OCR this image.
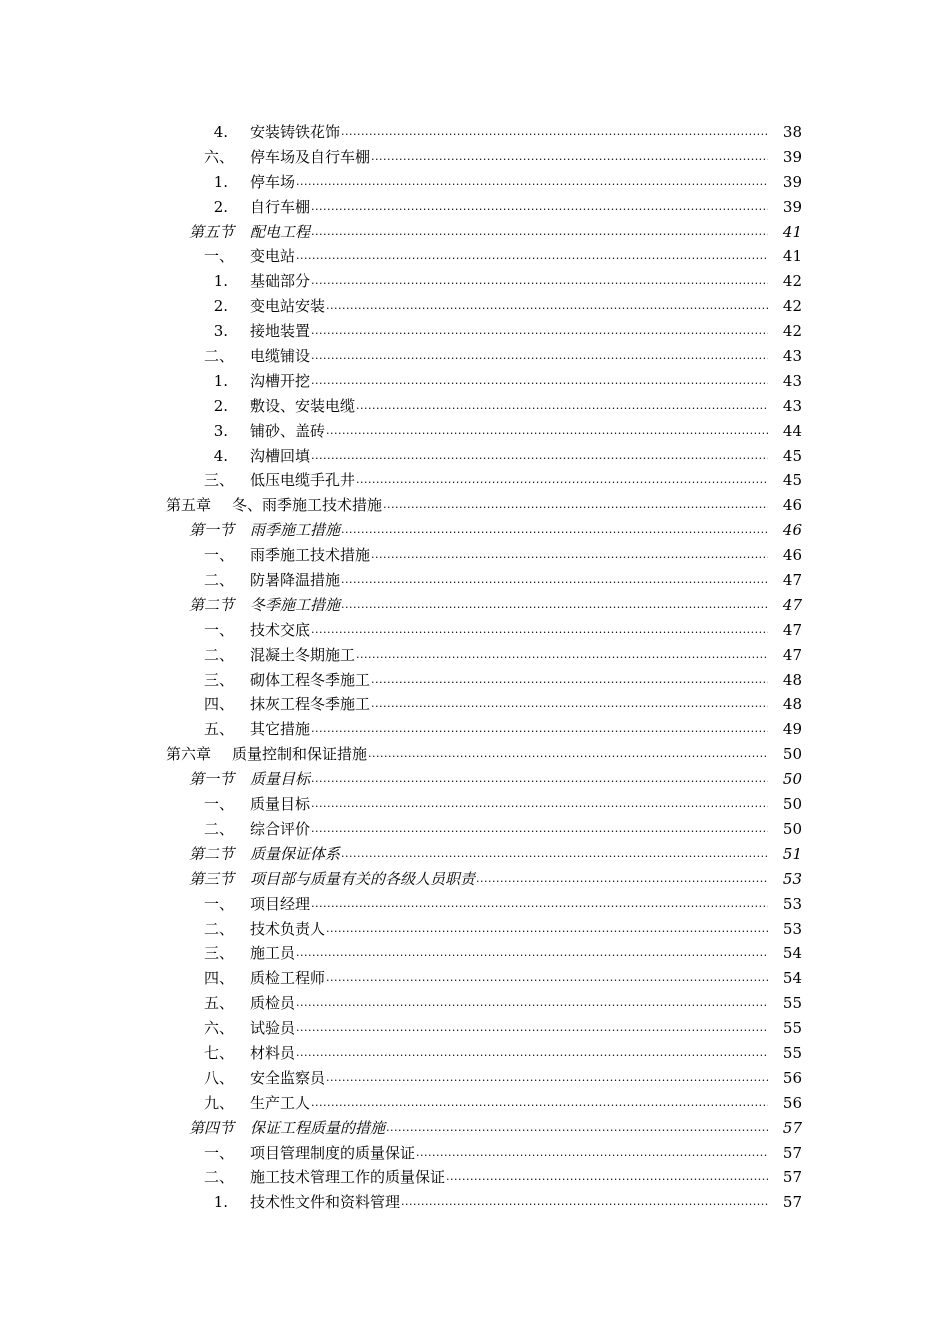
4. 安装铸铁花饰 .....	38
六、 停车场及自行车棚 .....	39
1. 停车场 .....	39
2. 自行车棚 .....	39
第五节 配电工程 .....	41
一、 变电站 .....	41
1. 基础部分 .....	42
2. 变电站安装 .....	42
3. 接地装置 .....	42
二、 电缆铺设 .....	43
1. 沟槽开挖 .....	43
2. 敷设、安装电缆 .....	43
3. 铺砂、盖砖 .....	44
4. 沟槽回填 .....	45
三、 低压电缆手孔井 .....	45
第五章	冬、雨季施工技术措施 .....	46
第一节 雨季施工措施 .....	46
一、 雨季施工技术措施 .....	46
二、 防暑降温措施 .....	47
第二节 冬季施工措施 .....	47
一、 技术交底 .....	47
二、 混凝土冬期施工 .....	47
三、 砌体工程冬季施工 .....	48
四、 抹灰工程冬季施工 .....	48
五、 其它措施 .....	49
第六章	质量控制和保证措施 .....	50
第一节 质量目标 .....	50
一、 质量目标 .....	50
二、 综合评价 .....	50
第二节 质量保证体系 .....	51
第三节 项目部与质量有关的各级人员职责 .....	53
一、 项目经理 .....	53
二、 技术负责人 .....	53
三、 施工员 .....	54
四、 质检工程师 .....	54
五、 质检员 .....	55
六、 试验员 .....	55
七、 材料员 .....	55
八、 安全监察员 .....	56
九、 生产工人 .....	56
第四节 保证工程质量的措施 .....	57
一、 项目管理制度的质量保证 .....	57
二、 施工技术管理工作的质量保证 .....	57
1. 技术性文件和资料管理 .....	57
